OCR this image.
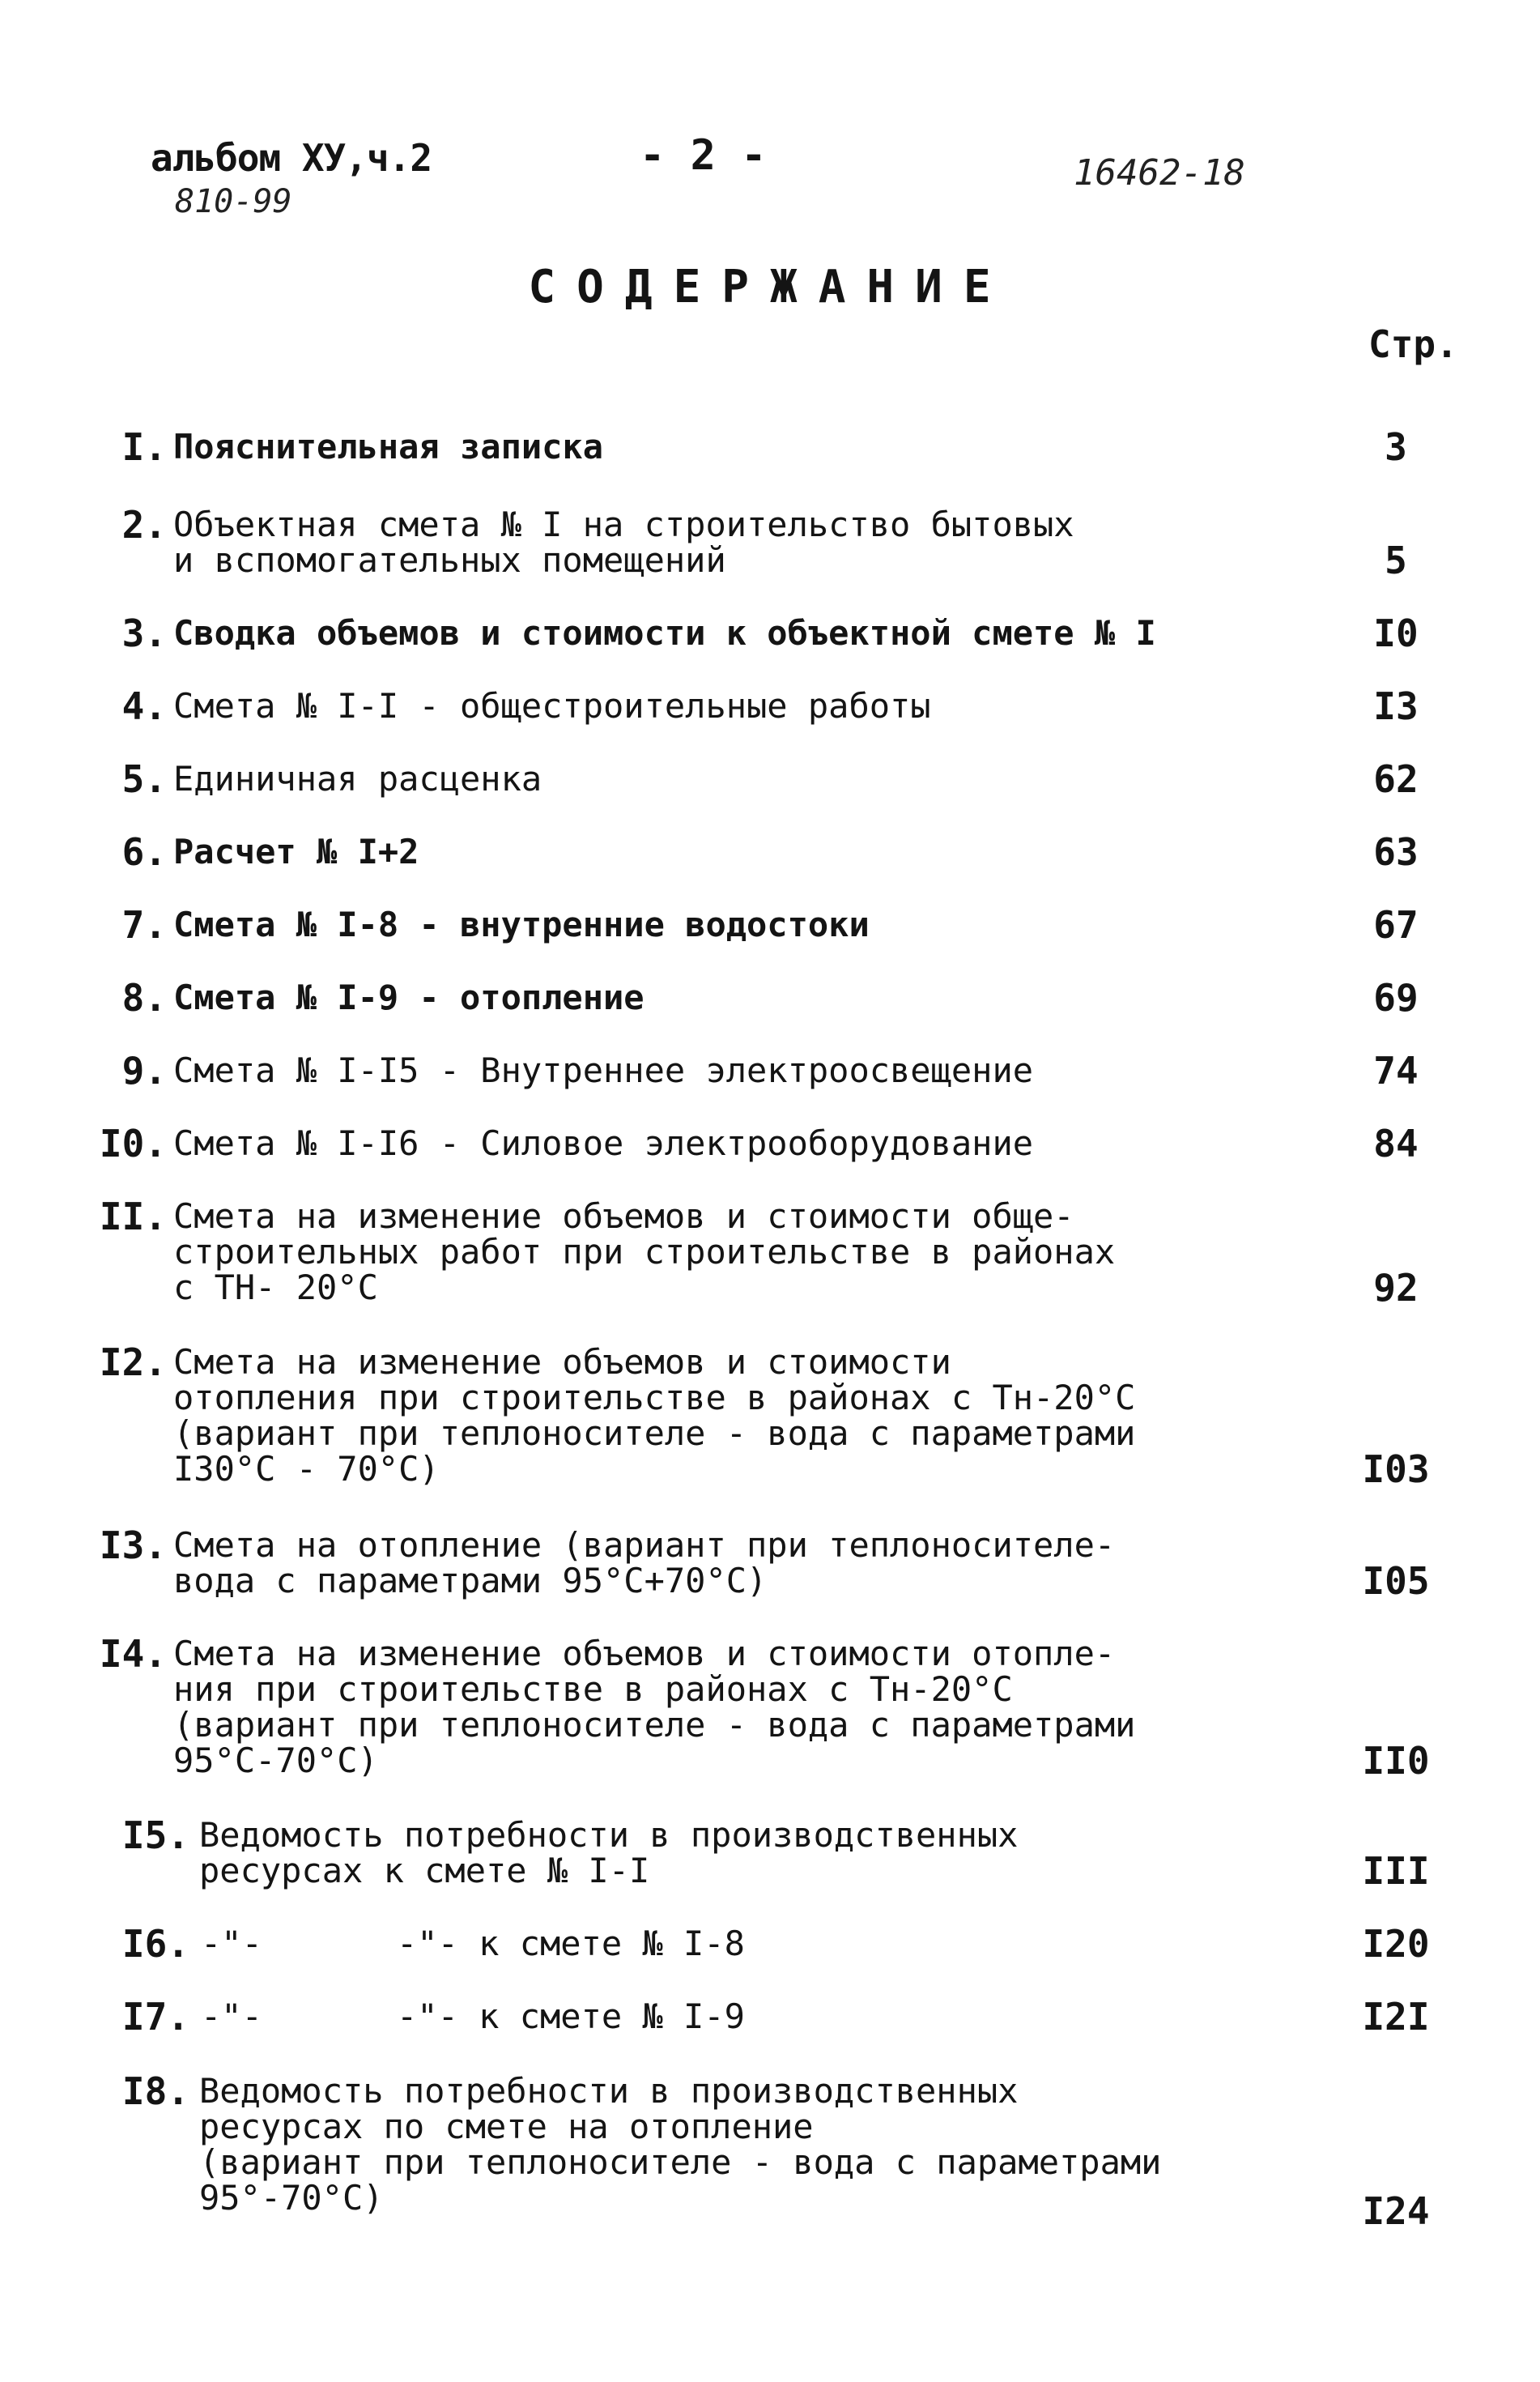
альбом ХУ,ч.2
810-99
- 2 -	16462-18
СОДЕРЖАНИЕ
Стр.
I. Пояснительная записка	3
2. Объектная смета № I на строительство бытовых
и вспомогательных помещений	5
3. Сводка объемов и стоимости к объектной смете № I	I0
4. Смета № I-I - общестроительные работы	I3
5. Единичная расценка	62
6. Расчет № I+2	63
7. Смета № I-8 - внутренние водостоки	67
8. Смета № I-9 - отопление	69
9. Смета № I-I5 - Внутреннее электроосвещение	74
I0. Смета № I-I6 - Силовое электрооборудование	84
II. Смета на изменение объемов и стоимости обще-
строительных работ при строительстве в районах
с ТН- 20°С	92
I2. Смета на изменение объемов и стоимости
отопления при строительстве в районах с Тн-20°С
(вариант при теплоносителе - вода с параметрами
I30°С - 70°С)	I03
I3. Смета на отопление (вариант при теплоносителе-
вода с параметрами 95°С+70°С)	I05
I4. Смета на изменение объемов и стоимости отопле-
ния при строительстве в районах с Тн-20°С
(вариант при теплоносителе - вода с параметрами
95°С-70°С)	II0
I5. Ведомость потребности в производственных
ресурсах к смете № I-I	III
I6. -"-	-"- к смете № I-8	I20
I7. -"-	-"- к смете № I-9	I2I
I8. Ведомость потребности в производственных
ресурсах по смете на отопление
(вариант при теплоносителе - вода с параметрами
95°-70°С)	I24
